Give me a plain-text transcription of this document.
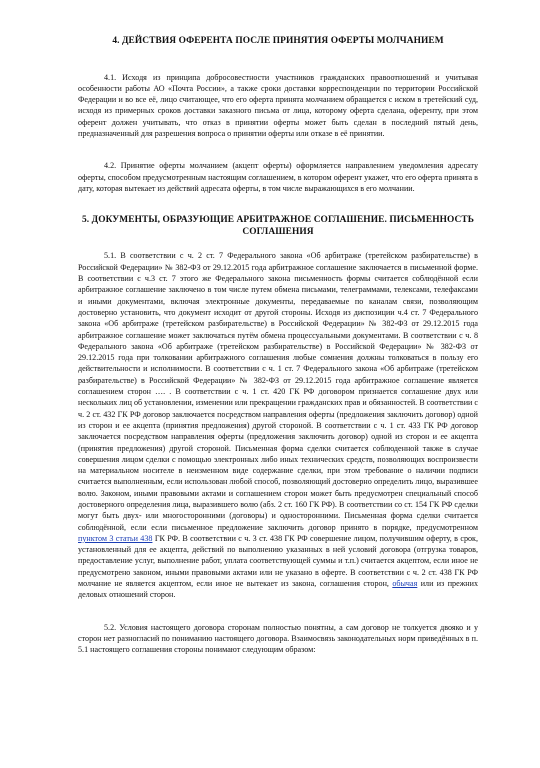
4. ДЕЙСТВИЯ ОФЕРЕНТА ПОСЛЕ ПРИНЯТИЯ ОФЕРТЫ МОЛЧАНИЕМ

4.1. Исходя из принципа добросовестности участников гражданских правоотношений и учитывая особенности работы АО «Почта России», а также сроки доставки корреспонденции по территории Российской Федерации и во все её, лицо считающее, что его оферта принята молчанием обращается с иском в третейский суд, исходя из примерных сроков доставки заказного письма от лица, которому оферта сделана, оференту, при этом оферент должен учитывать, что отказ в принятии оферты может быть сделан в последний пятый день, предназначенный для разрешения вопроса о принятии оферты или отказе в её принятии.

4.2. Принятие оферты молчанием (акцепт оферты) оформляется направлением уведомления адресату оферты, способом предусмотренным настоящим соглашением, в котором оферент укажет, что его оферта принята в дату, которая вытекает из действий адресата оферты, в том числе выражающихся в его молчании.

5. ДОКУМЕНТЫ, ОБРАЗУЮЩИЕ АРБИТРАЖНОЕ СОГЛАШЕНИЕ. ПИСЬМЕННОСТЬ СОГЛАШЕНИЯ

5.1. В соответствии с ч. 2 ст. 7 Федерального закона «Об арбитраже (третейском разбирательстве) в Российской Федерации» № 382-ФЗ от 29.12.2015 года арбитражное соглашение заключается в письменной форме. В соответствии с ч.3 ст. 7 этого же Федерального закона письменность формы считается соблюдённой если арбитражное соглашение заключено в том числе путем обмена письмами, телеграммами, телексами, телефаксами и иными документами, включая электронные документы, передаваемые по каналам связи, позволяющим достоверно установить, что документ исходит от другой стороны. Исходя из диспозиции ч.4 ст. 7 Федерального закона «Об арбитраже (третейском разбирательстве) в Российской Федерации» № 382-ФЗ от 29.12.2015 года арбитражное соглашение может заключаться путём обмена процессуальными документами. В соответствии с ч. 8 Федерального закона «Об арбитраже (третейском разбирательстве) в Российской Федерации» № 382-ФЗ от 29.12.2015 года при толковании арбитражного соглашения любые сомнения должны толковаться в пользу его действительности и исполнимости. В соответствии с ч. 1 ст. 7 Федерального закона «Об арбитраже (третейском разбирательстве) в Российской Федерации» № 382-ФЗ от 29.12.2015 года арбитражное соглашение является соглашением сторон …. . В соответствии с ч. 1 ст. 420 ГК РФ договором признается соглашение двух или нескольких лиц об установлении, изменении или прекращении гражданских прав и обязанностей. В соответствии с ч. 2 ст. 432 ГК РФ договор заключается посредством направления оферты (предложения заключить договор) одной из сторон и ее акцепта (принятия предложения) другой стороной. В соответствии с ч. 1 ст. 433 ГК РФ договор заключается посредством направления оферты (предложения заключить договор) одной из сторон и ее акцепта (принятия предложения) другой стороной. Письменная форма сделки считается соблюденной также в случае совершения лицом сделки с помощью электронных либо иных технических средств, позволяющих воспроизвести на материальном носителе в неизменном виде содержание сделки, при этом требование о наличии подписи считается выполненным, если использован любой способ, позволяющий достоверно определить лицо, выразившее волю. Законом, иными правовыми актами и соглашением сторон может быть предусмотрен специальный способ достоверного определения лица, выразившего волю (абз. 2 ст. 160 ГК РФ). В соответствии со ст. 154 ГК РФ сделки могут быть двух- или многосторонними (договоры) и односторонними. Письменная форма сделки считается соблюдённой, если если письменное предложение заключить договор принято в порядке, предусмотренном пунктом 3 статьи 438 ГК РФ. В соответствии с ч. 3 ст. 438 ГК РФ совершение лицом, получившим оферту, в срок, установленный для ее акцепта, действий по выполнению указанных в ней условий договора (отгрузка товаров, предоставление услуг, выполнение работ, уплата соответствующей суммы и т.п.) считается акцептом, если иное не предусмотрено законом, иными правовыми актами или не указано в оферте. В соответствии с ч. 2 ст. 438 ГК РФ молчание не является акцептом, если иное не вытекает из закона, соглашения сторон, обычая или из прежних деловых отношений сторон.

5.2. Условия настоящего договора сторонам полностью понятны, а сам договор не толкуется двояко и у сторон нет разногласий по пониманию настоящего договора. Взаимосвязь законодательных норм приведённых в п. 5.1 настоящего соглашения стороны понимают следующим образом:
